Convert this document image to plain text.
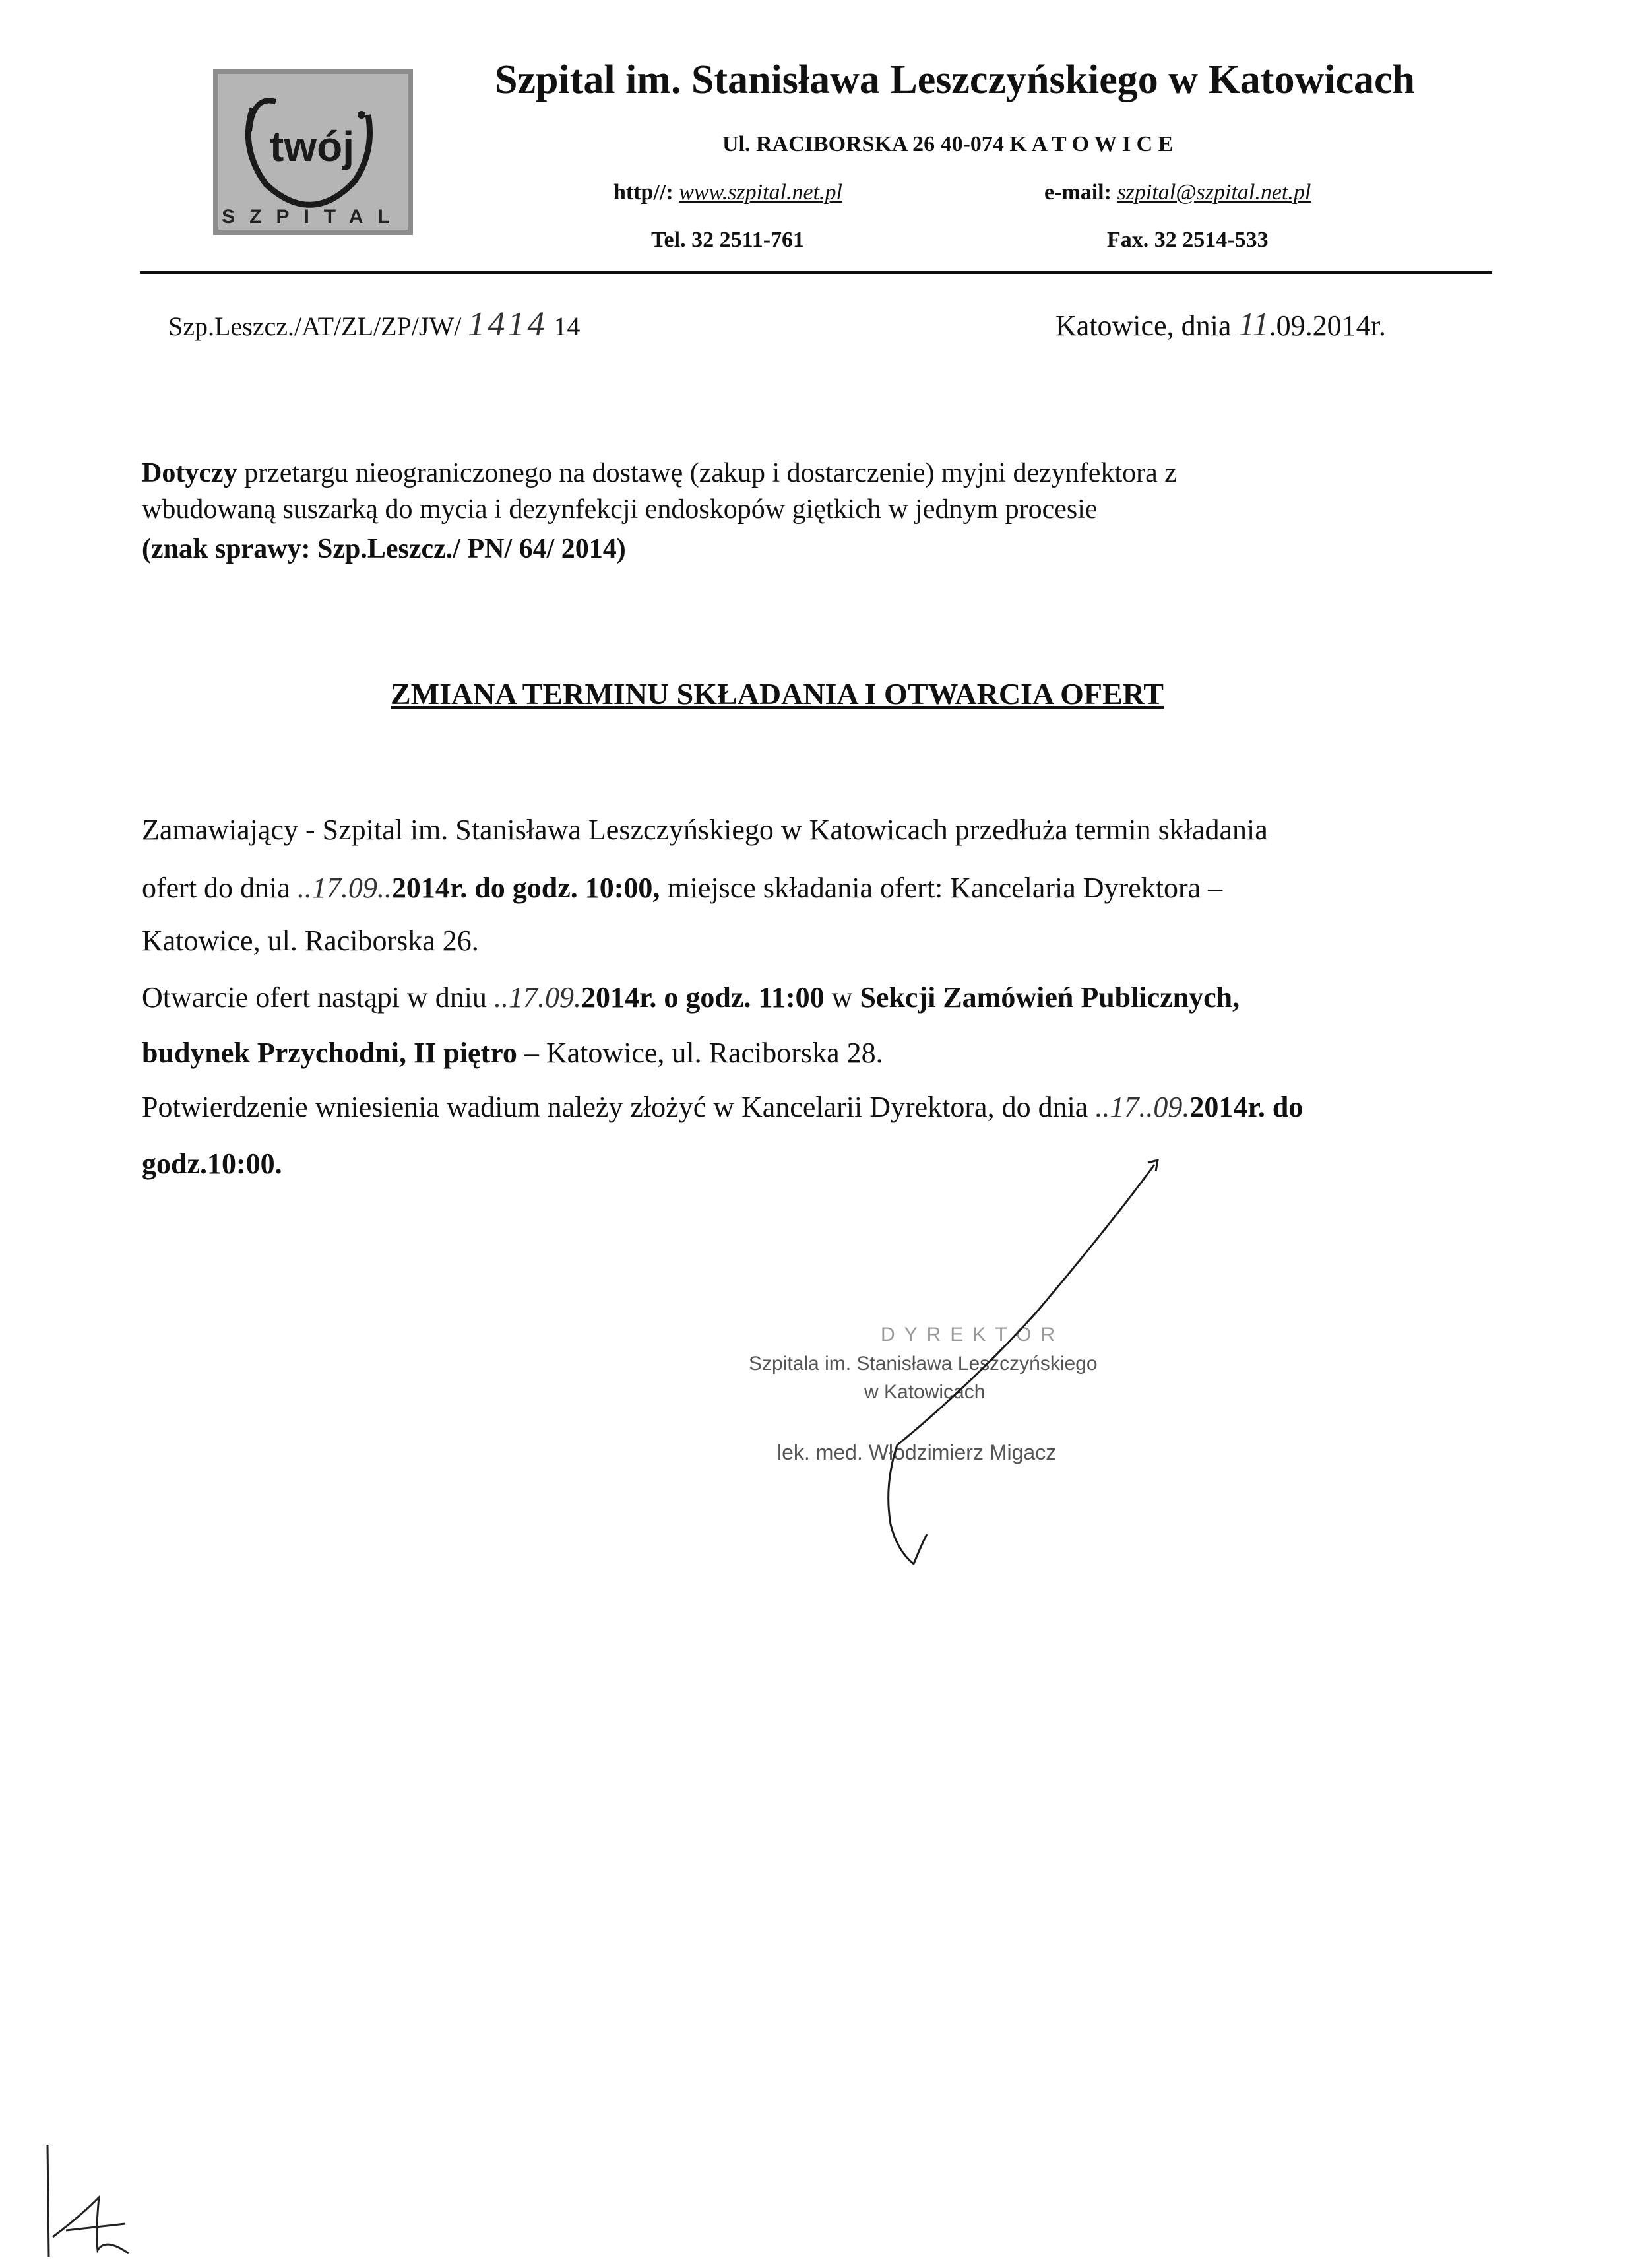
twój
SZPITAL
Szpital im. Stanisława Leszczyńskiego w Katowicach
Ul. RACIBORSKA 26 40-074 K A T O W I C E
http//: www.szpital.net.pl	e-mail: szpital@szpital.net.pl
Tel. 32 2511-761	Fax. 32 2514-533
Szp.Leszcz./AT/ZL/ZP/JW/ 1414 14	Katowice, dnia 11.09.2014r.
Dotyczy przetargu nieograniczonego na dostawę (zakup i dostarczenie) myjni dezynfektora z
wbudowaną suszarką do mycia i dezynfekcji endoskopów giętkich w jednym procesie
(znak sprawy: Szp.Leszcz./ PN/ 64/ 2014)
ZMIANA TERMINU SKŁADANIA I OTWARCIA OFERT
Zamawiający - Szpital im. Stanisława Leszczyńskiego w Katowicach przedłuża termin składania
ofert do dnia ..17.09..2014r. do godz. 10:00, miejsce składania ofert: Kancelaria Dyrektora –
Katowice, ul. Raciborska 26.
Otwarcie ofert nastąpi w dniu ..17.09.2014r. o godz. 11:00 w Sekcji Zamówień Publicznych,
budynek Przychodni, II piętro – Katowice, ul. Raciborska 28.
Potwierdzenie wniesienia wadium należy złożyć w Kancelarii Dyrektora, do dnia ..17..09.2014r. do
godz.10:00.
DYREKTOR
Szpitala im. Stanisława Leszczyńskiego
w Katowicach
lek. med. Włodzimierz Migacz
